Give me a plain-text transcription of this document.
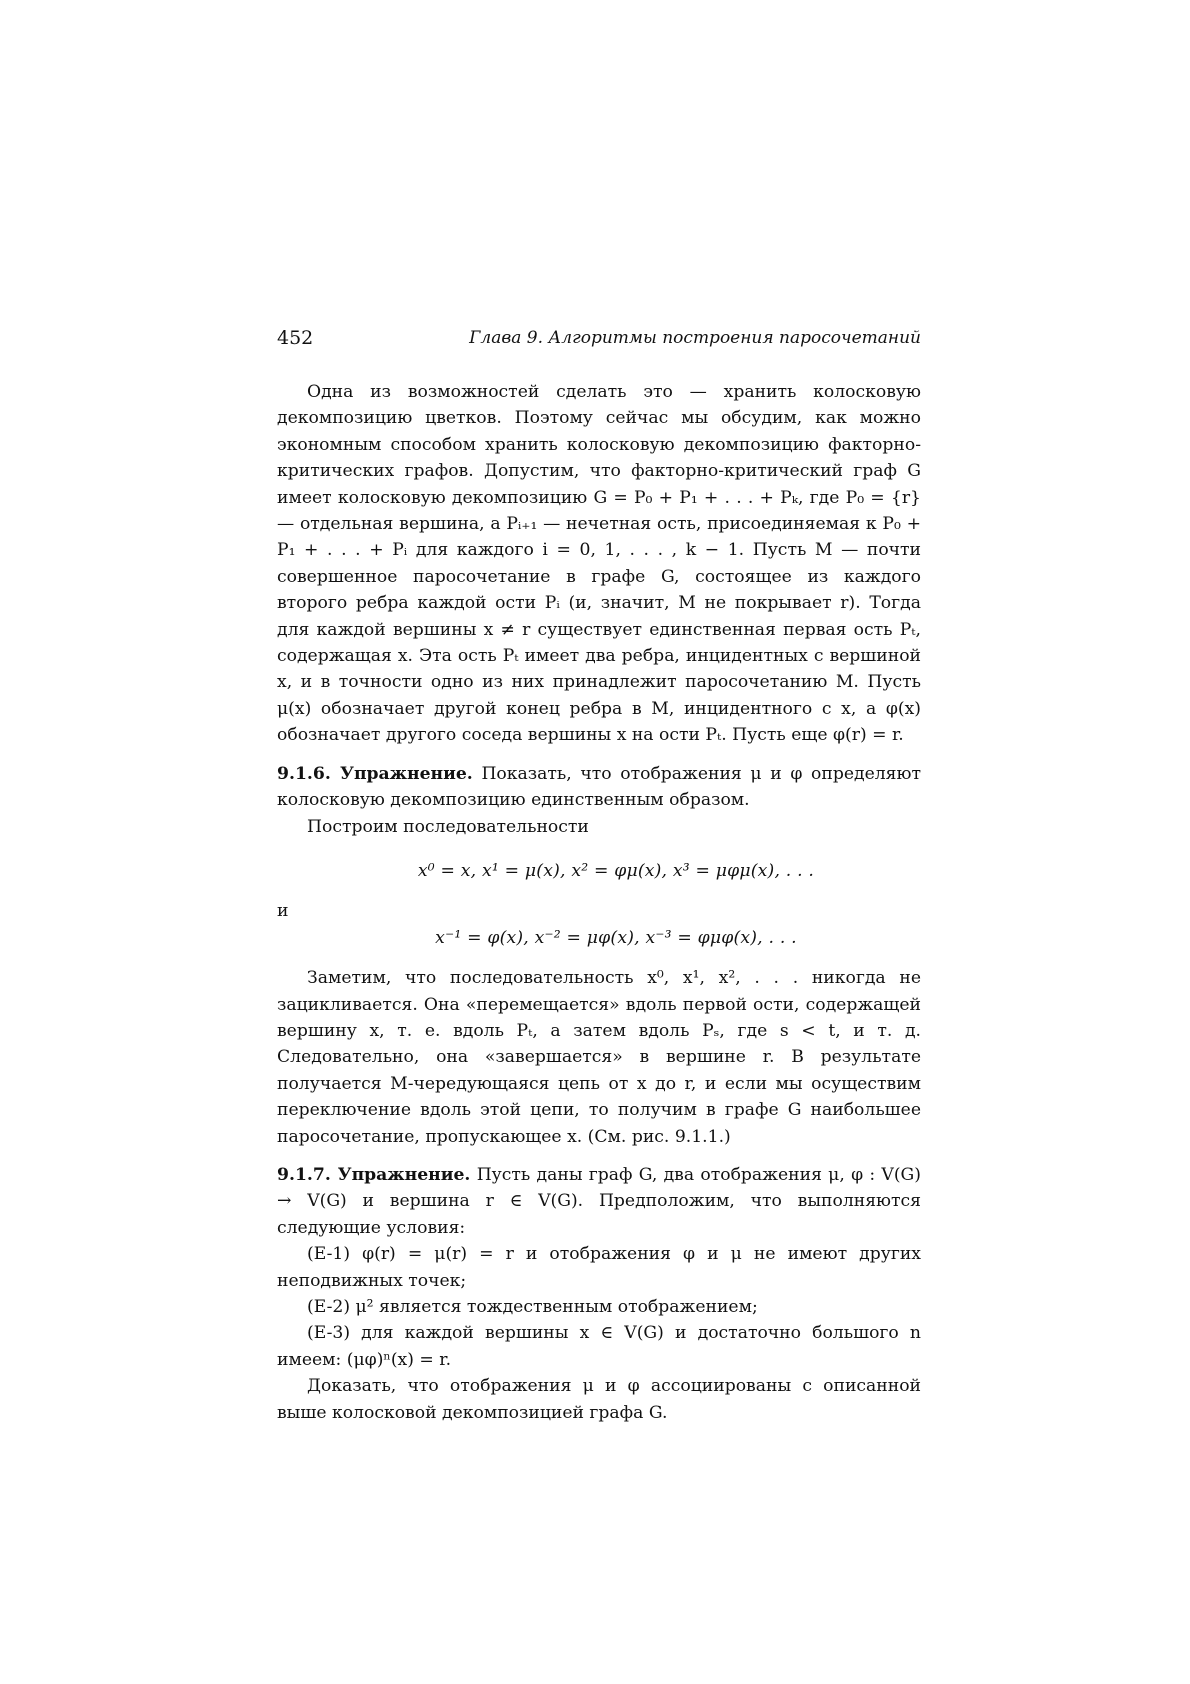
452	Глава 9. Алгоритмы построения паросочетаний

Одна из возможностей сделать это — хранить колосковую декомпозицию цветков. Поэтому сейчас мы обсудим, как можно экономным способом хранить колосковую декомпозицию факторно-критических графов. Допустим, что факторно-критический граф G имеет колосковую декомпозицию G = P₀ + P₁ + . . . + Pₖ, где P₀ = {r} — отдельная вершина, а Pᵢ₊₁ — нечетная ость, присоединяемая к P₀ + P₁ + . . . + Pᵢ для каждого i = 0, 1, . . . , k − 1. Пусть M — почти совершенное паросочетание в графе G, состоящее из каждого второго ребра каждой ости Pᵢ (и, значит, M не покрывает r). Тогда для каждой вершины x ≠ r существует единственная первая ость Pₜ, содержащая x. Эта ость Pₜ имеет два ребра, инцидентных с вершиной x, и в точности одно из них принадлежит паросочетанию M. Пусть μ(x) обозначает другой конец ребра в M, инцидентного с x, а φ(x) обозначает другого соседа вершины x на ости Pₜ. Пусть еще φ(r) = r.

9.1.6. Упражнение. Показать, что отображения μ и φ определяют колосковую декомпозицию единственным образом.

Построим последовательности

x⁰ = x, x¹ = μ(x), x² = φμ(x), x³ = μφμ(x), . . .

и

x⁻¹ = φ(x), x⁻² = μφ(x), x⁻³ = φμφ(x), . . .

Заметим, что последовательность x⁰, x¹, x², . . . никогда не зацикливается. Она «перемещается» вдоль первой ости, содержащей вершину x, т. е. вдоль Pₜ, а затем вдоль Pₛ, где s < t, и т. д. Следовательно, она «завершается» в вершине r. В результате получается M-чередующаяся цепь от x до r, и если мы осуществим переключение вдоль этой цепи, то получим в графе G наибольшее паросочетание, пропускающее x. (См. рис. 9.1.1.)

9.1.7. Упражнение. Пусть даны граф G, два отображения μ, φ : V(G) → V(G) и вершина r ∈ V(G). Предположим, что выполняются следующие условия:

(E-1) φ(r) = μ(r) = r и отображения φ и μ не имеют других неподвижных точек;

(E-2) μ² является тождественным отображением;

(E-3) для каждой вершины x ∈ V(G) и достаточно большого n имеем: (μφ)ⁿ(x) = r.

Доказать, что отображения μ и φ ассоциированы с описанной выше колосковой декомпозицией графа G.
